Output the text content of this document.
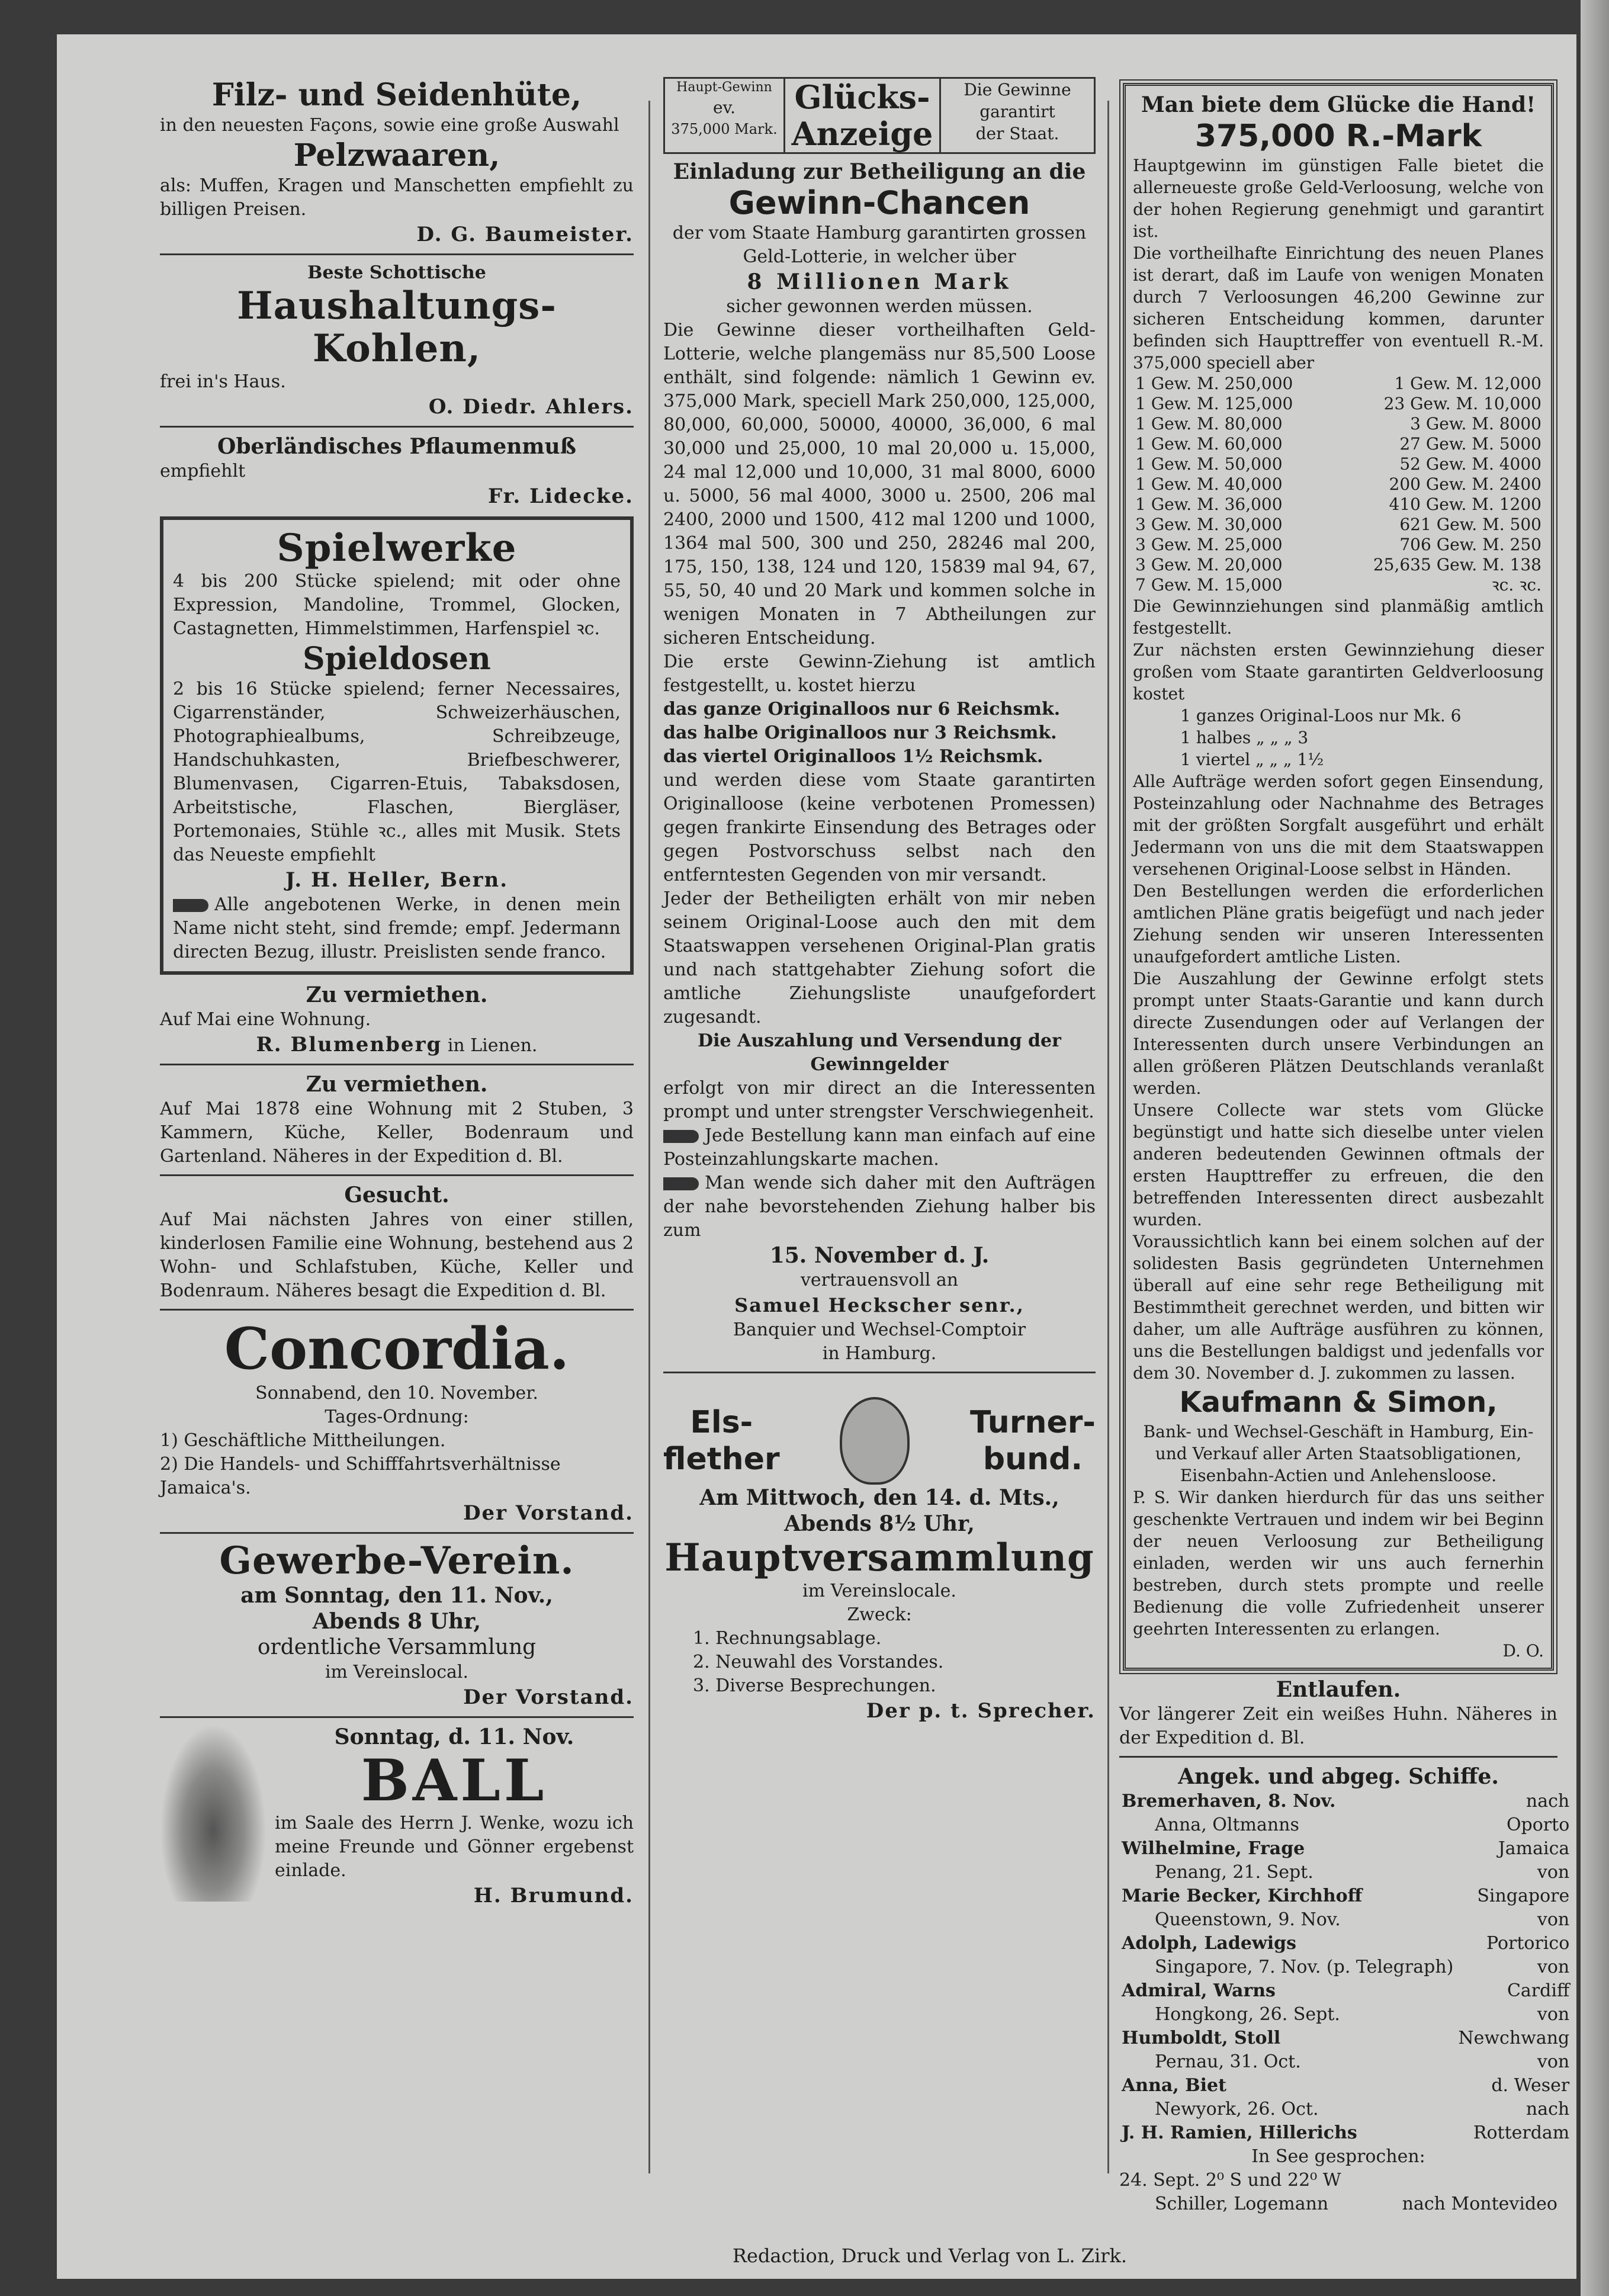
Filz- und Seidenhüte,

in den neuesten Façons, sowie eine große Auswahl

Pelzwaaren,

als: Muffen, Kragen und Manschetten empfiehlt zu billigen Preisen.

D. G. Baumeister.

Beste Schottische

Haushaltungs-Kohlen,

frei in's Haus.

O. Diedr. Ahlers.

Oberländisches Pflaumenmuß

empfiehlt

Fr. Lidecke.

Spielwerke

4 bis 200 Stücke spielend; mit oder ohne Expression, Mandoline, Trommel, Glocken, Castagnetten, Himmelstimmen, Harfenspiel ꝛc.

Spieldosen

2 bis 16 Stücke spielend; ferner Necessaires, Cigarrenständer, Schweizerhäuschen, Photographiealbums, Schreibzeuge, Handschuhkasten, Briefbeschwerer, Blumenvasen, Cigarren-Etuis, Tabaksdosen, Arbeitstische, Flaschen, Biergläser, Portemonaies, Stühle ꝛc., alles mit Musik. Stets das Neueste empfiehlt

J. H. Heller, Bern.

Alle angebotenen Werke, in denen mein Name nicht steht, sind fremde; empf. Jedermann directen Bezug, illustr. Preislisten sende franco.

Zu vermiethen.

Auf Mai eine Wohnung.

R. Blumenberg in Lienen.

Zu vermiethen.

Auf Mai 1878 eine Wohnung mit 2 Stuben, 3 Kammern, Küche, Keller, Bodenraum und Gartenland. Näheres in der Expedition d. Bl.

Gesucht.

Auf Mai nächsten Jahres von einer stillen, kinderlosen Familie eine Wohnung, bestehend aus 2 Wohn- und Schlafstuben, Küche, Keller und Bodenraum. Näheres besagt die Expedition d. Bl.

Concordia.

Sonnabend, den 10. November.

Tages-Ordnung:

1) Geschäftliche Mittheilungen.

2) Die Handels- und Schifffahrtsverhältnisse Jamaica's.

Der Vorstand.

Gewerbe-Verein.

am Sonntag, den 11. Nov.,

Abends 8 Uhr,

ordentliche Versammlung

im Vereinslocal.

Der Vorstand.

Sonntag, d. 11. Nov.

BALL

im Saale des Herrn J. Wenke, wozu ich meine Freunde und Gönner ergebenst einlade.

H. Brumund.

Haupt-Gewinn

ev.

375,000 Mark.

Glücks-

Anzeige

Die Gewinne

garantirt

der Staat.

Einladung zur Betheiligung an die

Gewinn-Chancen

der vom Staate Hamburg garantirten grossen Geld-Lotterie, in welcher über

8 Millionen Mark

sicher gewonnen werden müssen.

Die Gewinne dieser vortheilhaften Geld-Lotterie, welche plangemäss nur 85,500 Loose enthält, sind folgende: nämlich 1 Gewinn ev. 375,000 Mark, speciell Mark 250,000, 125,000, 80,000, 60,000, 50000, 40000, 36,000, 6 mal 30,000 und 25,000, 10 mal 20,000 u. 15,000, 24 mal 12,000 und 10,000, 31 mal 8000, 6000 u. 5000, 56 mal 4000, 3000 u. 2500, 206 mal 2400, 2000 und 1500, 412 mal 1200 und 1000, 1364 mal 500, 300 und 250, 28246 mal 200, 175, 150, 138, 124 und 120, 15839 mal 94, 67, 55, 50, 40 und 20 Mark und kommen solche in wenigen Monaten in 7 Abtheilungen zur sicheren Entscheidung.

Die erste Gewinn-Ziehung ist amtlich festgestellt, u. kostet hierzu

das ganze Originalloos nur 6 Reichsmk.

das halbe Originalloos nur 3 Reichsmk.

das viertel Originalloos 1½ Reichsmk.

und werden diese vom Staate garantirten Originalloose (keine verbotenen Promessen) gegen frankirte Einsendung des Betrages oder gegen Postvorschuss selbst nach den entferntesten Gegenden von mir versandt.

Jeder der Betheiligten erhält von mir neben seinem Original-Loose auch den mit dem Staatswappen versehenen Original-Plan gratis und nach stattgehabter Ziehung sofort die amtliche Ziehungsliste unaufgefordert zugesandt.

Die Auszahlung und Versendung der Gewinngelder

erfolgt von mir direct an die Interessenten prompt und unter strengster Verschwiegenheit.

Jede Bestellung kann man einfach auf eine Posteinzahlungskarte machen.

Man wende sich daher mit den Aufträgen der nahe bevorstehenden Ziehung halber bis zum

15. November d. J.

vertrauensvoll an

Samuel Heckscher senr.,

Banquier und Wechsel-Comptoir

in Hamburg.

Els-

flether

Turner-

bund.

Am Mittwoch, den 14. d. Mts.,

Abends 8½ Uhr,

Hauptversammlung

im Vereinslocale.

Zweck:

1. Rechnungsablage.

2. Neuwahl des Vorstandes.

3. Diverse Besprechungen.

Der p. t. Sprecher.

Man biete dem Glücke die Hand!

375,000 R.-Mark

Hauptgewinn im günstigen Falle bietet die allerneueste große Geld-Verloosung, welche von der hohen Regierung genehmigt und garantirt ist.

Die vortheilhafte Einrichtung des neuen Planes ist derart, daß im Laufe von wenigen Monaten durch 7 Verloosungen 46,200 Gewinne zur sicheren Entscheidung kommen, darunter befinden sich Haupttreffer von eventuell R.-M. 375,000 speciell aber

1 Gew. M. 250,000	1 Gew. M. 12,000
1 Gew. M. 125,000	23 Gew. M. 10,000
1 Gew. M. 80,000	3 Gew. M. 8000
1 Gew. M. 60,000	27 Gew. M. 5000
1 Gew. M. 50,000	52 Gew. M. 4000
1 Gew. M. 40,000	200 Gew. M. 2400
1 Gew. M. 36,000	410 Gew. M. 1200
3 Gew. M. 30,000	621 Gew. M. 500
3 Gew. M. 25,000	706 Gew. M. 250
3 Gew. M. 20,000	25,635 Gew. M. 138
7 Gew. M. 15,000	ꝛc. ꝛc.

Die Gewinnziehungen sind planmäßig amtlich festgestellt.

Zur nächsten ersten Gewinnziehung dieser großen vom Staate garantirten Geldverloosung kostet

1 ganzes Original-Loos nur Mk. 6

1 halbes „ „ „ 3

1 viertel „ „ „ 1½

Alle Aufträge werden sofort gegen Einsendung, Posteinzahlung oder Nachnahme des Betrages mit der größten Sorgfalt ausgeführt und erhält Jedermann von uns die mit dem Staatswappen versehenen Original-Loose selbst in Händen.

Den Bestellungen werden die erforderlichen amtlichen Pläne gratis beigefügt und nach jeder Ziehung senden wir unseren Interessenten unaufgefordert amtliche Listen.

Die Auszahlung der Gewinne erfolgt stets prompt unter Staats-Garantie und kann durch directe Zusendungen oder auf Verlangen der Interessenten durch unsere Verbindungen an allen größeren Plätzen Deutschlands veranlaßt werden.

Unsere Collecte war stets vom Glücke begünstigt und hatte sich dieselbe unter vielen anderen bedeutenden Gewinnen oftmals der ersten Haupttreffer zu erfreuen, die den betreffenden Interessenten direct ausbezahlt wurden.

Voraussichtlich kann bei einem solchen auf der solidesten Basis gegründeten Unternehmen überall auf eine sehr rege Betheiligung mit Bestimmtheit gerechnet werden, und bitten wir daher, um alle Aufträge ausführen zu können, uns die Bestellungen baldigst und jedenfalls vor dem 30. November d. J. zukommen zu lassen.

Kaufmann & Simon,

Bank- und Wechsel-Geschäft in Hamburg, Ein- und Verkauf aller Arten Staatsobligationen, Eisenbahn-Actien und Anlehensloose.

P. S. Wir danken hierdurch für das uns seither geschenkte Vertrauen und indem wir bei Beginn der neuen Verloosung zur Betheiligung einladen, werden wir uns auch fernerhin bestreben, durch stets prompte und reelle Bedienung die volle Zufriedenheit unserer geehrten Interessenten zu erlangen.

D. O.

Entlaufen.

Vor längerer Zeit ein weißes Huhn. Näheres in der Expedition d. Bl.

Angek. und abgeg. Schiffe.

Bremerhaven, 8. Nov.	nach
Anna, Oltmanns	Oporto
Wilhelmine, Frage	Jamaica
Penang, 21. Sept.	von
Marie Becker, Kirchhoff	Singapore
Queenstown, 9. Nov.	von
Adolph, Ladewigs	Portorico
Singapore, 7. Nov. (p. Telegraph)	von
Admiral, Warns	Cardiff
Hongkong, 26. Sept.	von
Humboldt, Stoll	Newchwang
Pernau, 31. Oct.	von
Anna, Biet	d. Weser
Newyork, 26. Oct.	nach
J. H. Ramien, Hillerichs	Rotterdam

In See gesprochen:

24. Sept. 2⁰ S und 22⁰ W

Schiller, Logemann	nach Montevideo
Redaction, Druck und Verlag von L. Zirk.
